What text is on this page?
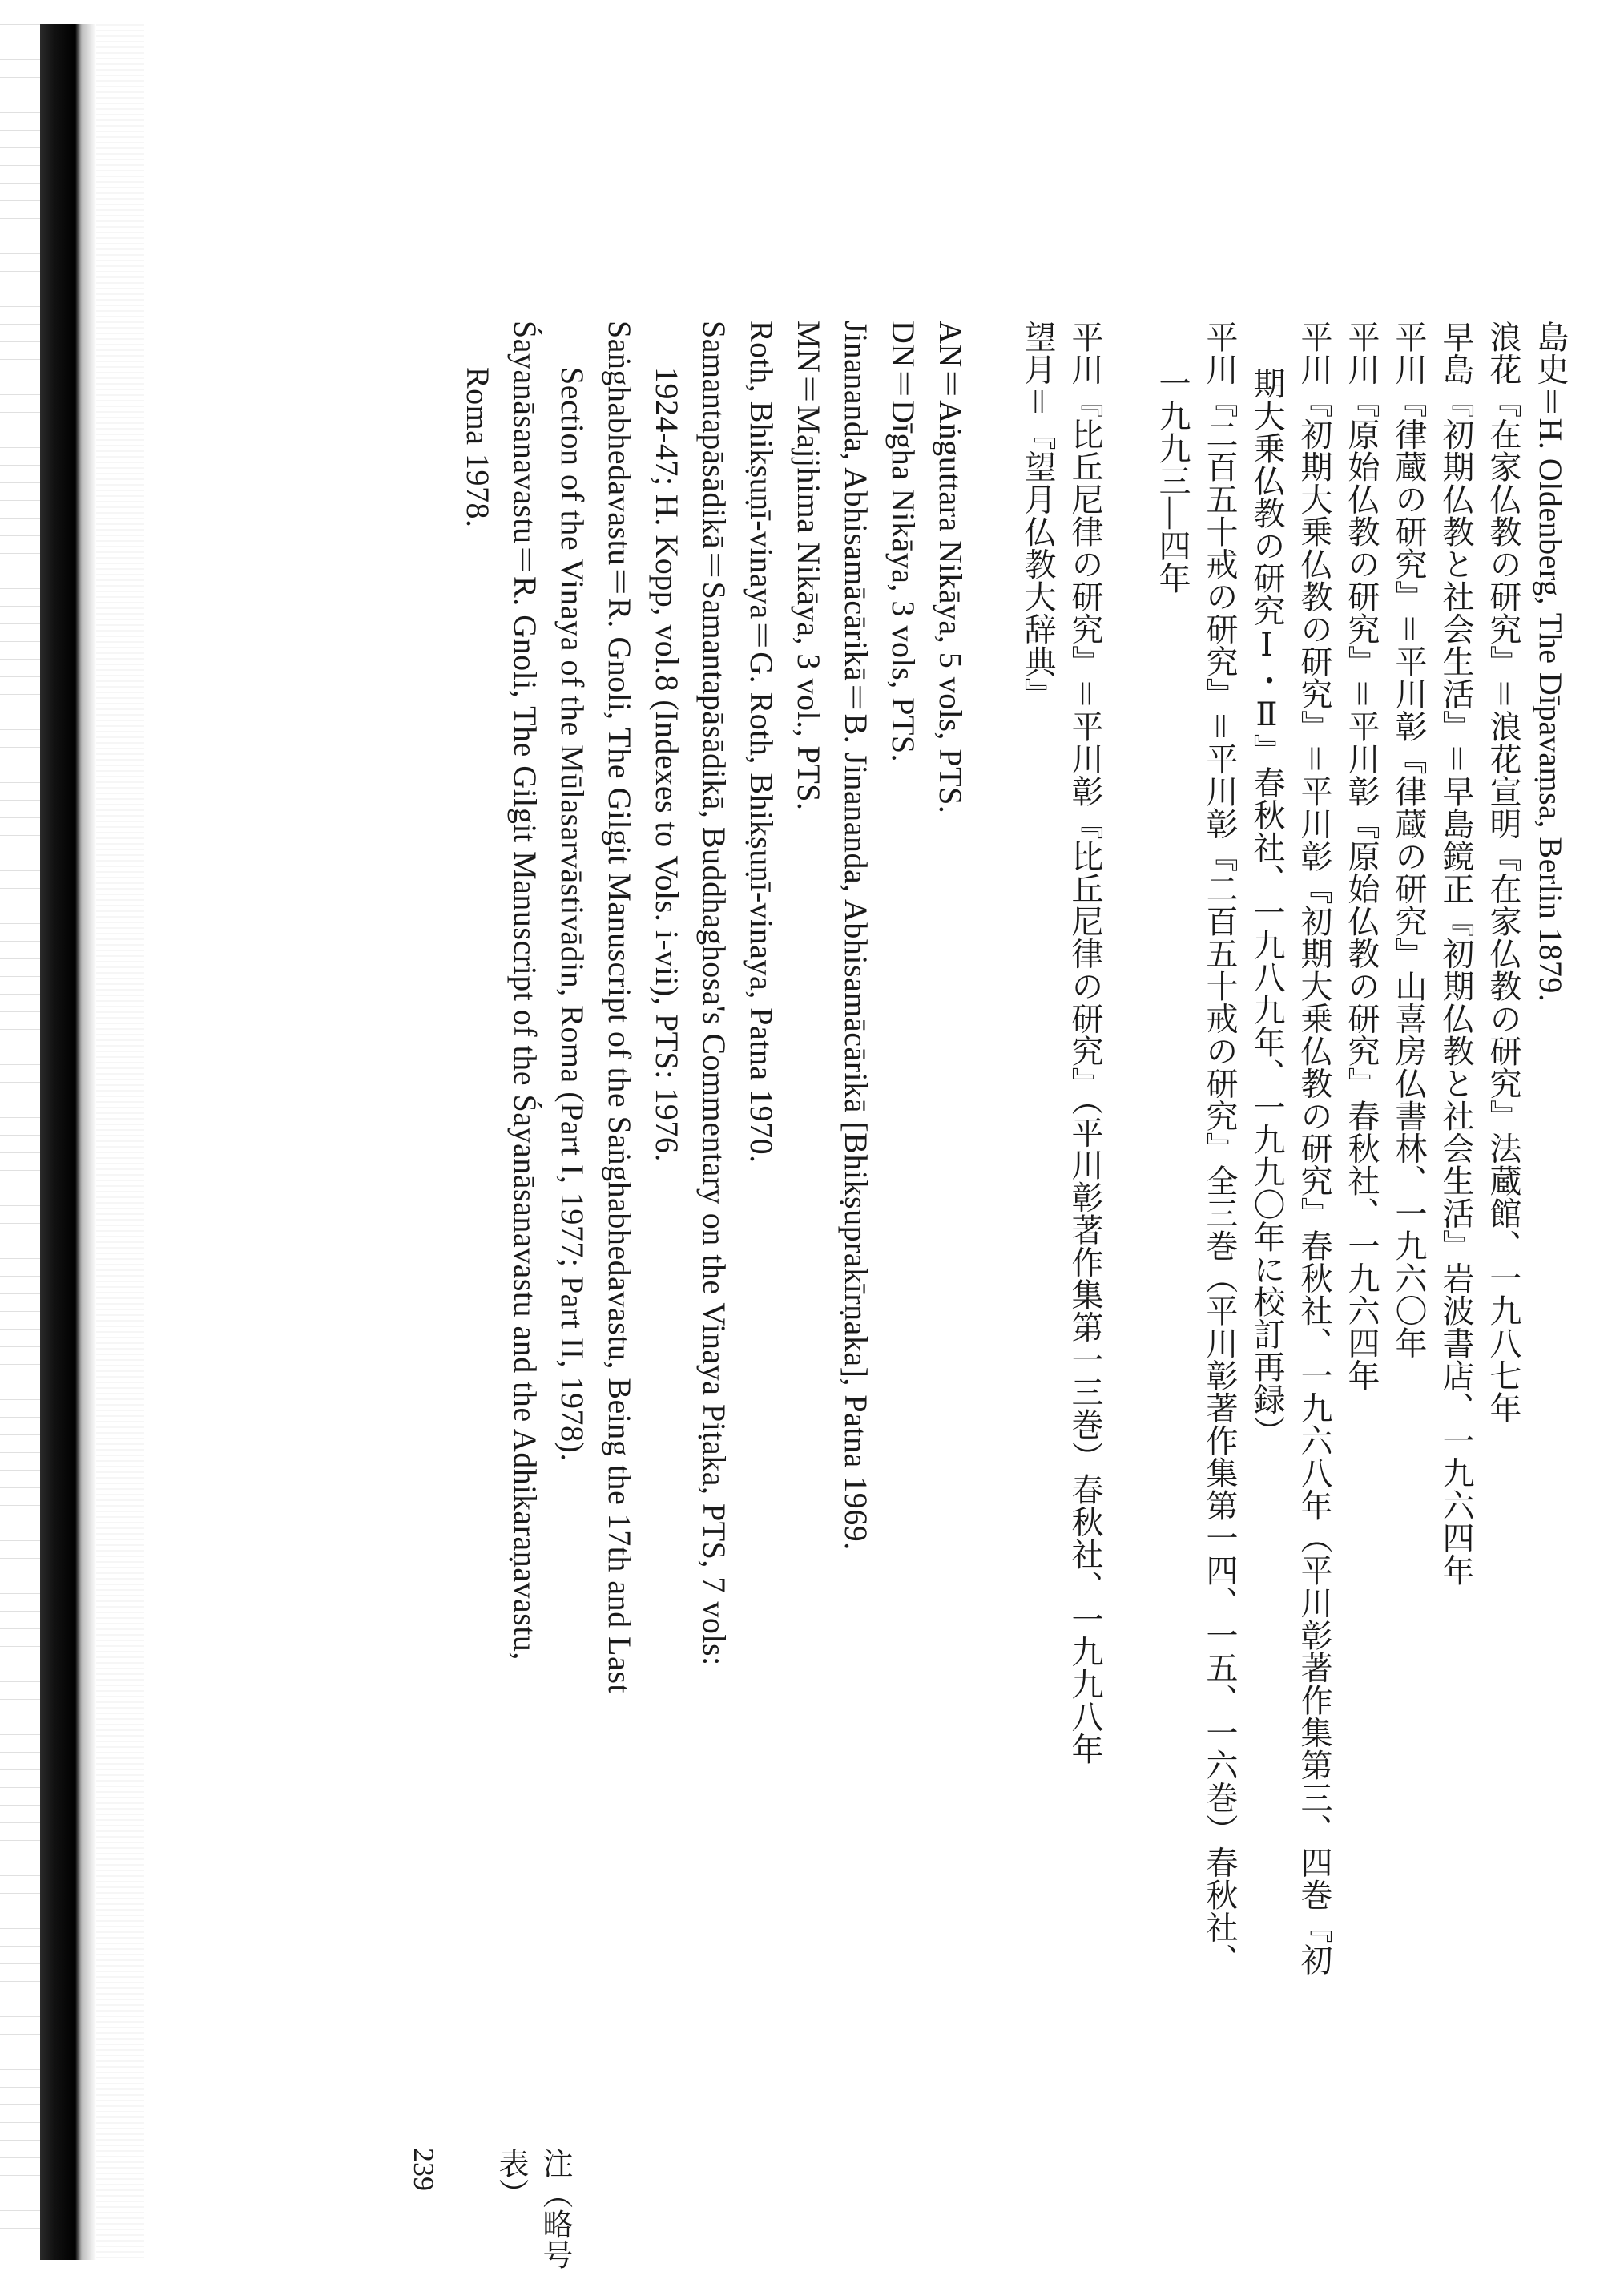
島史＝H. Oldenberg, The Dīpavaṃsa, Berlin 1879.
浪花『在家仏教の研究』＝浪花宣明『在家仏教の研究』法蔵館、一九八七年
早島『初期仏教と社会生活』＝早島鏡正『初期仏教と社会生活』岩波書店、一九六四年
平川『律蔵の研究』＝平川彰『律蔵の研究』山喜房仏書林、一九六〇年
平川『原始仏教の研究』＝平川彰『原始仏教の研究』春秋社、一九六四年
平川『初期大乗仏教の研究』＝平川彰『初期大乗仏教の研究』春秋社、一九六八年（平川彰著作集第三、四巻『初
期大乗仏教の研究Ⅰ・Ⅱ』春秋社、一九八九年、一九九〇年に校訂再録）
平川『二百五十戒の研究』＝平川彰『二百五十戒の研究』全三巻（平川彰著作集第一四、一五、一六巻）春秋社、
一九九三―四年
平川『比丘尼律の研究』＝平川彰『比丘尼律の研究』（平川彰著作集第一三巻）春秋社、一九九八年
望月＝『望月仏教大辞典』
AN＝Aṅguttara Nikāya, 5 vols, PTS.
DN＝Dīgha Nikāya, 3 vols, PTS.
Jinananda, Abhisamācārikā＝B. Jinananda, Abhisamācārikā [Bhikṣuprakīrṇaka], Patna 1969.
MN＝Majjhima Nikāya, 3 vol., PTS.
Roth, Bhikṣuṇī-vinaya＝G. Roth, Bhikṣuṇī-vinaya, Patna 1970.
Samantapāsādikā＝Samantapāsādikā, Buddhaghosa's Commentary on the Vinaya Piṭaka, PTS, 7 vols:
1924-47; H. Kopp, vol.8 (Indexes to Vols. i-vii), PTS: 1976.
Saṅghabhedavastu＝R. Gnoli, The Gilgit Manuscript of the Saṅghabhedavastu, Being the 17th and Last
Section of the Vinaya of the Mūlasarvāstivādin, Roma (Part I, 1977; Part II, 1978).
Śayanāsanavastu＝R. Gnoli, The Gilgit Manuscript of the Śayanāsanavastu and the Adhikaraṇavastu,
Roma 1978.
239	注（略号表）
